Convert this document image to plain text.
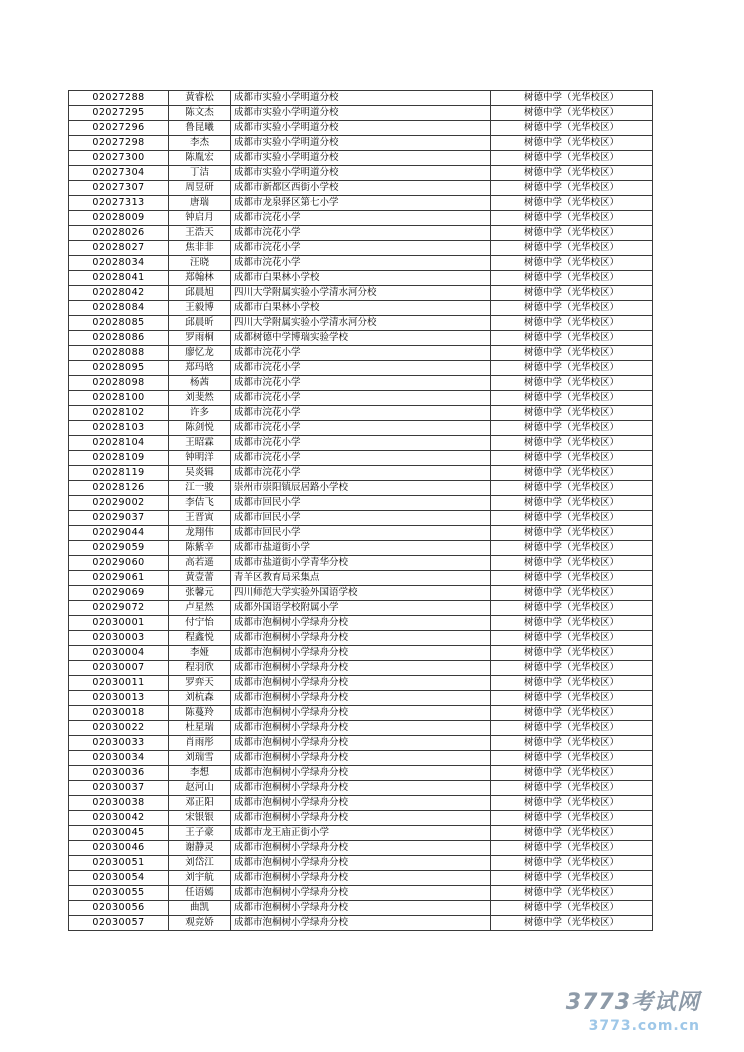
02027288	黄睿松	成都市实验小学明道分校	树德中学（光华校区）
02027295	陈文杰	成都市实验小学明道分校	树德中学（光华校区）
02027296	鲁昆曦	成都市实验小学明道分校	树德中学（光华校区）
02027298	李杰	成都市实验小学明道分校	树德中学（光华校区）
02027300	陈胤宏	成都市实验小学明道分校	树德中学（光华校区）
02027304	丁洁	成都市实验小学明道分校	树德中学（光华校区）
02027307	周昱研	成都市新都区西街小学校	树德中学（光华校区）
02027313	唐瑞	成都市龙泉驿区第七小学	树德中学（光华校区）
02028009	钟启月	成都市浣花小学	树德中学（光华校区）
02028026	王浩天	成都市浣花小学	树德中学（光华校区）
02028027	焦非非	成都市浣花小学	树德中学（光华校区）
02028034	汪晓	成都市浣花小学	树德中学（光华校区）
02028041	郑翰林	成都市白果林小学校	树德中学（光华校区）
02028042	邱晨旭	四川大学附属实验小学清水河分校	树德中学（光华校区）
02028084	王毅博	成都市白果林小学校	树德中学（光华校区）
02028085	邱晨昕	四川大学附属实验小学清水河分校	树德中学（光华校区）
02028086	罗雨桐	成都树德中学博瑞实验学校	树德中学（光华校区）
02028088	廖忆龙	成都市浣花小学	树德中学（光华校区）
02028095	郑玛晗	成都市浣花小学	树德中学（光华校区）
02028098	杨茜	成都市浣花小学	树德中学（光华校区）
02028100	刘斐然	成都市浣花小学	树德中学（光华校区）
02028102	许多	成都市浣花小学	树德中学（光华校区）
02028103	陈剑悦	成都市浣花小学	树德中学（光华校区）
02028104	王昭霖	成都市浣花小学	树德中学（光华校区）
02028109	钟明洋	成都市浣花小学	树德中学（光华校区）
02028119	吴炎辑	成都市浣花小学	树德中学（光华校区）
02028126	江一骏	崇州市崇阳镇辰居路小学校	树德中学（光华校区）
02029002	李佶飞	成都市回民小学	树德中学（光华校区）
02029037	王晋寅	成都市回民小学	树德中学（光华校区）
02029044	龙翔伟	成都市回民小学	树德中学（光华校区）
02029059	陈紫辛	成都市盐道街小学	树德中学（光华校区）
02029060	高若遥	成都市盐道街小学青华分校	树德中学（光华校区）
02029061	黄壹蕾	青羊区教育局采集点	树德中学（光华校区）
02029069	张馨元	四川师范大学实验外国语学校	树德中学（光华校区）
02029072	卢星然	成都外国语学校附属小学	树德中学（光华校区）
02030001	付宁怡	成都市泡桐树小学绿舟分校	树德中学（光华校区）
02030003	程鑫悦	成都市泡桐树小学绿舟分校	树德中学（光华校区）
02030004	李娅	成都市泡桐树小学绿舟分校	树德中学（光华校区）
02030007	程羽欣	成都市泡桐树小学绿舟分校	树德中学（光华校区）
02030011	罗弈天	成都市泡桐树小学绿舟分校	树德中学（光华校区）
02030013	刘杭森	成都市泡桐树小学绿舟分校	树德中学（光华校区）
02030018	陈蔓羚	成都市泡桐树小学绿舟分校	树德中学（光华校区）
02030022	杜星瑞	成都市泡桐树小学绿舟分校	树德中学（光华校区）
02030033	肖雨彤	成都市泡桐树小学绿舟分校	树德中学（光华校区）
02030034	刘瑞雪	成都市泡桐树小学绿舟分校	树德中学（光华校区）
02030036	李想	成都市泡桐树小学绿舟分校	树德中学（光华校区）
02030037	赵河山	成都市泡桐树小学绿舟分校	树德中学（光华校区）
02030038	邓正阳	成都市泡桐树小学绿舟分校	树德中学（光华校区）
02030042	宋银银	成都市泡桐树小学绿舟分校	树德中学（光华校区）
02030045	王子豪	成都市龙王庙正街小学	树德中学（光华校区）
02030046	谢静灵	成都市泡桐树小学绿舟分校	树德中学（光华校区）
02030051	刘岱江	成都市泡桐树小学绿舟分校	树德中学（光华校区）
02030054	刘宇航	成都市泡桐树小学绿舟分校	树德中学（光华校区）
02030055	任语嫣	成都市泡桐树小学绿舟分校	树德中学（光华校区）
02030056	曲凯	成都市泡桐树小学绿舟分校	树德中学（光华校区）
02030057	观竞娇	成都市泡桐树小学绿舟分校	树德中学（光华校区）
3773考试网
3773.com.cn
